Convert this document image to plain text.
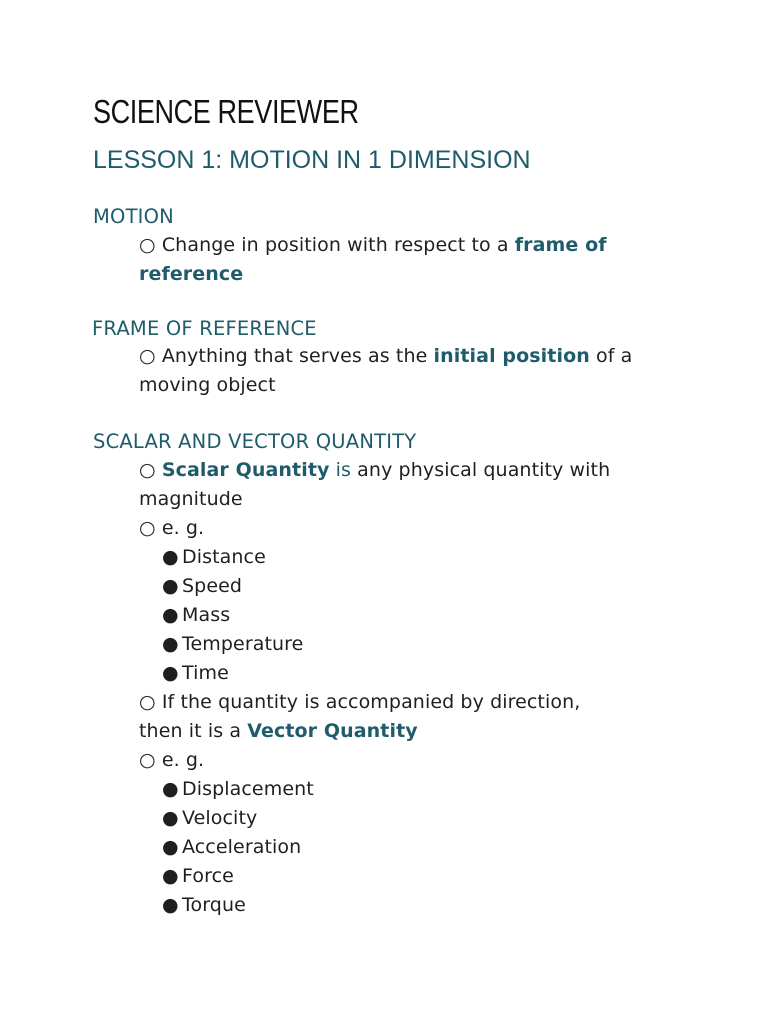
SCIENCE REVIEWER
LESSON 1: MOTION IN 1 DIMENSION
MOTION
○ Change in position with respect to a frame of
reference
FRAME OF REFERENCE
○ Anything that serves as the initial position of a
moving object
SCALAR AND VECTOR QUANTITY
○ Scalar Quantity is any physical quantity with
magnitude
○ e. g.
● Distance
● Speed
● Mass
● Temperature
● Time
○ If the quantity is accompanied by direction,
then it is a Vector Quantity
○ e. g.
● Displacement
● Velocity
● Acceleration
● Force
● Torque
